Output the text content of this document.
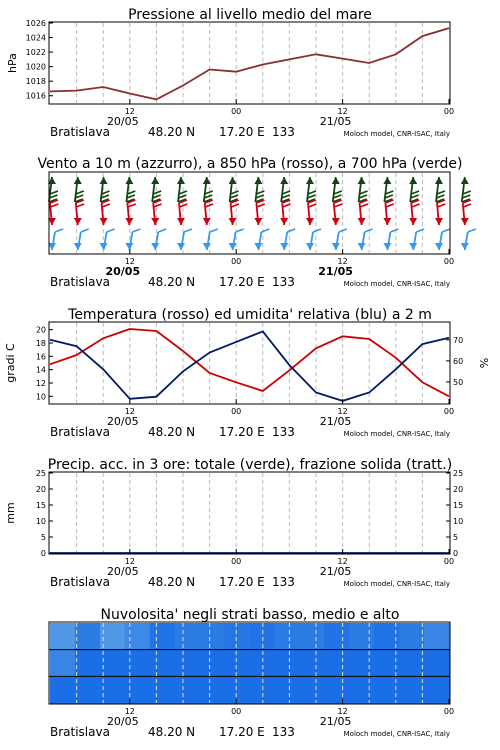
Pressione al livello medio del mare
hPa
1016
1018
1020
1022
1024
1026
12	00	12	00
20/05	21/05
Bratislava	48.20 N 17.20 E 133	Moloch model, CNR-ISAC, Italy
Vento a 10 m (azzurro), a 850 hPa (rosso), a 700 hPa (verde)
12	00	12	00
20/05	21/05
Bratislava	48.20 N 17.20 E 133	Moloch model, CNR-ISAC, Italy
Temperatura (rosso) ed umidita' relativa (blu) a 2 m
gradi C	%
10
12
14
16
18
20
50
60
70
12	00	12	00
20/05	21/05
Bratislava	48.20 N 17.20 E 133	Moloch model, CNR-ISAC, Italy
Precip. acc. in 3 ore: totale (verde), frazione solida (tratt.)
mm
0
5
10
15
20
25
0
5
10
15
20
25
12	00	12	00
20/05	21/05
Bratislava	48.20 N 17.20 E 133	Moloch model, CNR-ISAC, Italy
Nuvolosita' negli strati basso, medio e alto
12	00	12	00
20/05	21/05
Bratislava	48.20 N 17.20 E 133	Moloch model, CNR-ISAC, Italy
